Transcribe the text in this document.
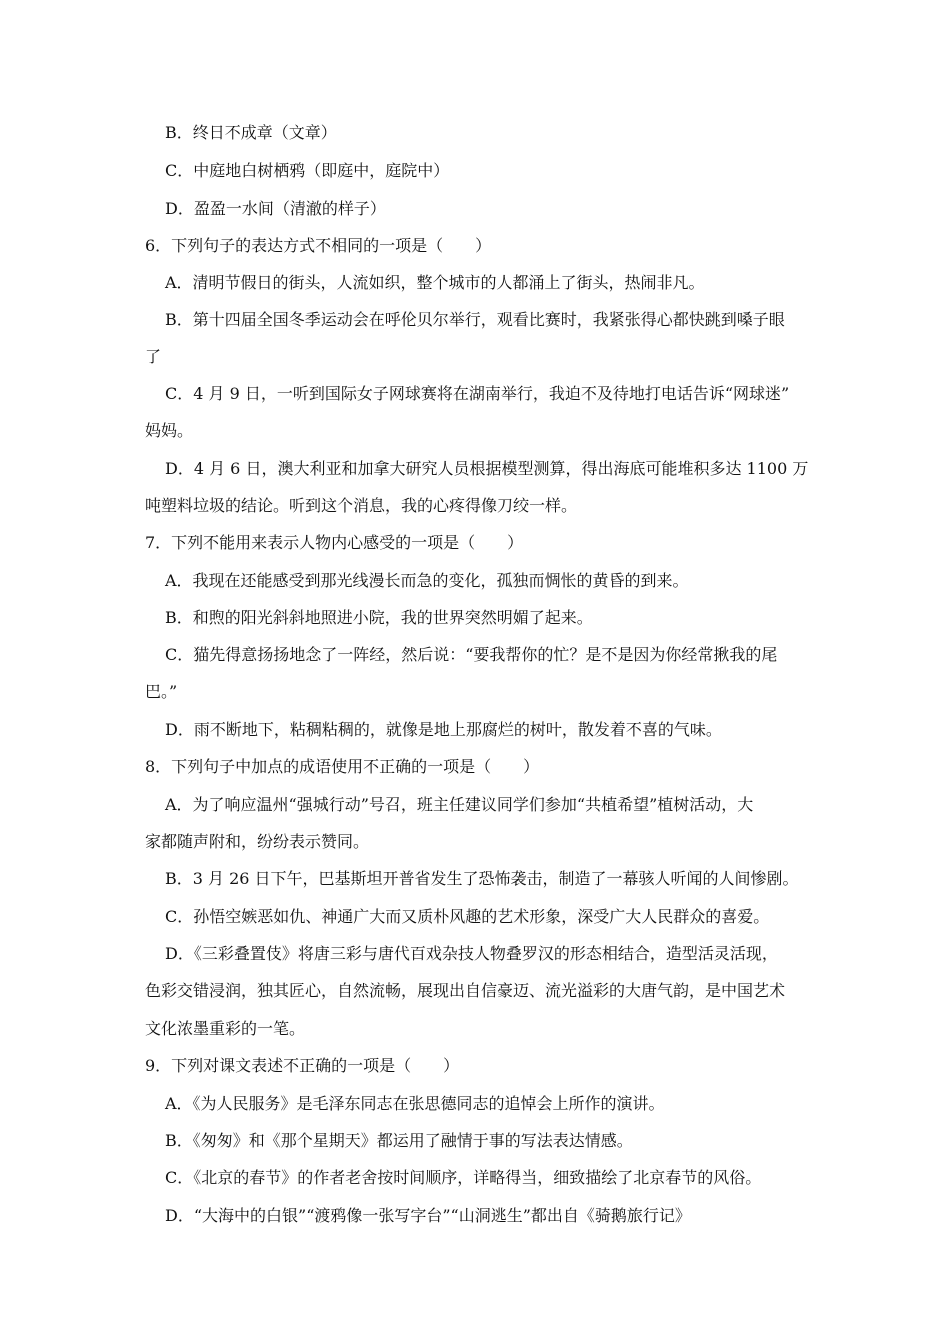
B．终日不成章（文章）
C．中庭地白树栖鸦（即庭中，庭院中）
D．盈盈一水间（清澈的样子）
6．下列句子的表达方式不相同的一项是（　　）
A．清明节假日的街头，人流如织，整个城市的人都涌上了街头，热闹非凡。
B．第十四届全国冬季运动会在呼伦贝尔举行，观看比赛时，我紧张得心都快跳到嗓子眼
了
C．4 月 9 日，一听到国际女子网球赛将在湖南举行，我迫不及待地打电话告诉“网球迷”
妈妈。
D．4 月 6 日，澳大利亚和加拿大研究人员根据模型测算，得出海底可能堆积多达 1100 万
吨塑料垃圾的结论。听到这个消息，我的心疼得像刀绞一样。
7．下列不能用来表示人物内心感受的一项是（　　）
A．我现在还能感受到那光线漫长而急的变化，孤独而惆怅的黄昏的到来。
B．和煦的阳光斜斜地照进小院，我的世界突然明媚了起来。
C．猫先得意扬扬地念了一阵经，然后说：“要我帮你的忙？是不是因为你经常揪我的尾
巴。”
D．雨不断地下，粘稠粘稠的，就像是地上那腐烂的树叶，散发着不喜的气味。
8．下列句子中加点的成语使用不正确的一项是（　　）
A．为了响应温州“强城行动”号召，班主任建议同学们参加“共植希望”植树活动，大
家都随声附和，纷纷表示赞同。
B．3 月 26 日下午，巴基斯坦开普省发生了恐怖袭击，制造了一幕骇人听闻的人间惨剧。
C．孙悟空嫉恶如仇、神通广大而又质朴风趣的艺术形象，深受广大人民群众的喜爱。
D．《三彩叠置伎》将唐三彩与唐代百戏杂技人物叠罗汉的形态相结合，造型活灵活现，
色彩交错浸润，独其匠心，自然流畅，展现出自信豪迈、流光溢彩的大唐气韵，是中国艺术
文化浓墨重彩的一笔。
9．下列对课文表述不正确的一项是（　　）
A．《为人民服务》是毛泽东同志在张思德同志的追悼会上所作的演讲。
B．《匆匆》和《那个星期天》都运用了融情于事的写法表达情感。
C．《北京的春节》的作者老舍按时间顺序，详略得当，细致描绘了北京春节的风俗。
D．“大海中的白银”“渡鸦像一张写字台”“山洞逃生”都出自《骑鹅旅行记》
